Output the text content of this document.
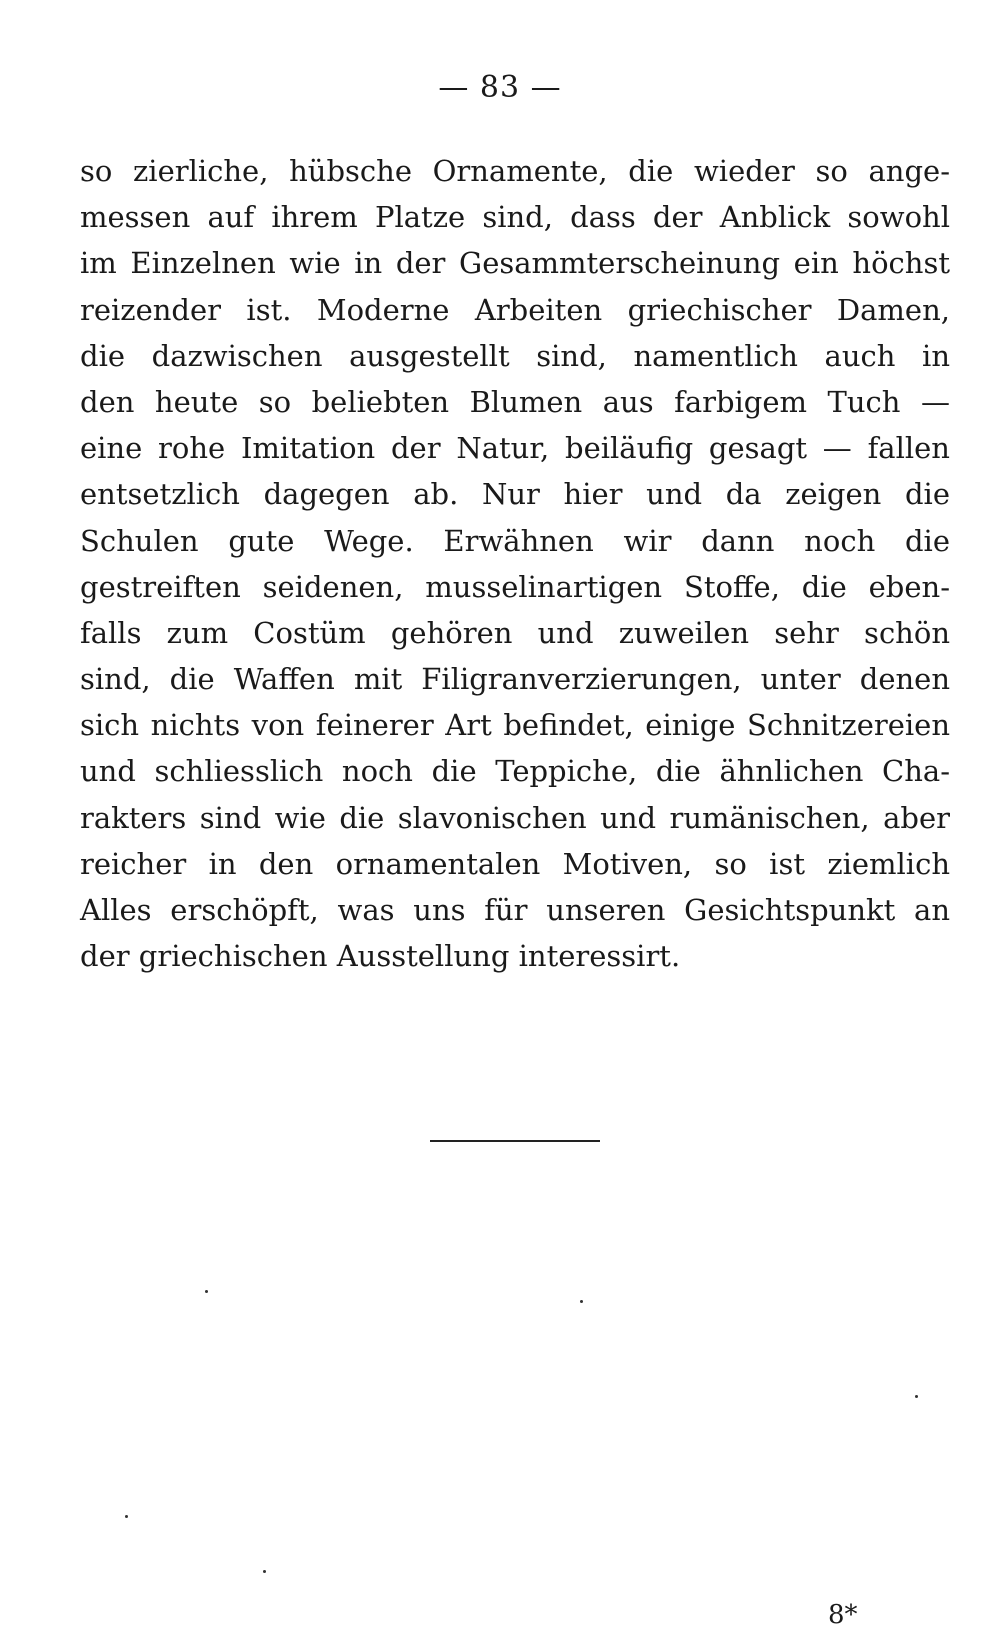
— 83 —
so zierliche, hübsche Ornamente, die wieder so ange-
messen auf ihrem Platze sind, dass der Anblick sowohl
im Einzelnen wie in der Gesammterscheinung ein höchst
reizender ist. Moderne Arbeiten griechischer Damen,
die dazwischen ausgestellt sind, namentlich auch in
den heute so beliebten Blumen aus farbigem Tuch —
eine rohe Imitation der Natur, beiläufig gesagt — fallen
entsetzlich dagegen ab. Nur hier und da zeigen die
Schulen gute Wege. Erwähnen wir dann noch die
gestreiften seidenen, musselinartigen Stoffe, die eben-
falls zum Costüm gehören und zuweilen sehr schön
sind, die Waffen mit Filigranverzierungen, unter denen
sich nichts von feinerer Art befindet, einige Schnitzereien
und schliesslich noch die Teppiche, die ähnlichen Cha-
rakters sind wie die slavonischen und rumänischen, aber
reicher in den ornamentalen Motiven, so ist ziemlich
Alles erschöpft, was uns für unseren Gesichtspunkt an
der griechischen Ausstellung interessirt.
8*
